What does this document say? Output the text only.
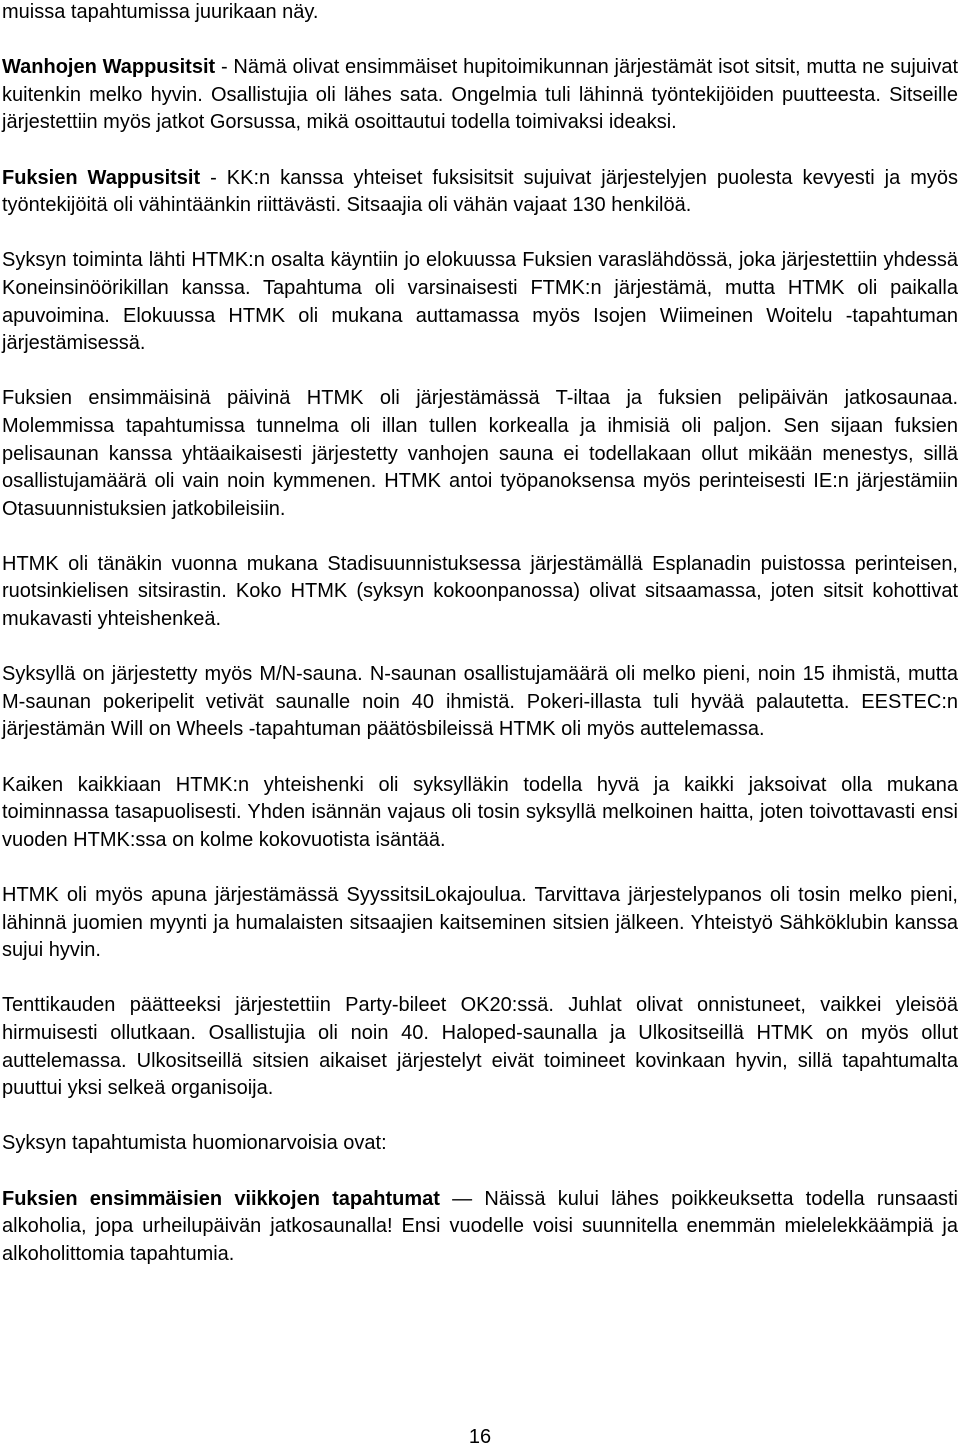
muissa tapahtumissa juurikaan näy.

Wanhojen Wappusitsit - Nämä olivat ensimmäiset hupitoimikunnan järjestämät isot sitsit, mutta ne sujuivat kuitenkin melko hyvin. Osallistujia oli lähes sata. Ongelmia tuli lähinnä työntekijöiden puutteesta. Sitseille järjestettiin myös jatkot Gorsussa, mikä osoittautui todella toimivaksi ideaksi.

Fuksien Wappusitsit - KK:n kanssa yhteiset fuksisitsit sujuivat järjestelyjen puolesta kevyesti ja myös työntekijöitä oli vähintäänkin riittävästi. Sitsaajia oli vähän vajaat 130 henkilöä.

Syksyn toiminta lähti HTMK:n osalta käyntiin jo elokuussa Fuksien varaslähdössä, joka järjestettiin yhdessä Koneinsinöörikillan kanssa. Tapahtuma oli varsinaisesti FTMK:n järjestämä, mutta HTMK oli paikalla apuvoimina. Elokuussa HTMK oli mukana auttamassa myös Isojen Wiimeinen Woitelu -tapahtuman järjestämisessä.

Fuksien ensimmäisinä päivinä HTMK oli järjestämässä T-iltaa ja fuksien pelipäivän jatkosaunaa. Molemmissa tapahtumissa tunnelma oli illan tullen korkealla ja ihmisiä oli paljon. Sen sijaan fuksien pelisaunan kanssa yhtäaikaisesti järjestetty vanhojen sauna ei todellakaan ollut mikään menestys, sillä osallistujamäärä oli vain noin kymmenen. HTMK antoi työpanoksensa myös perinteisesti IE:n järjestämiin Otasuunnistuksien jatkobileisiin.

HTMK oli tänäkin vuonna mukana Stadisuunnistuksessa järjestämällä Esplanadin puistossa perinteisen, ruotsinkielisen sitsirastin. Koko HTMK (syksyn kokoonpanossa) olivat sitsaamassa, joten sitsit kohottivat mukavasti yhteishenkeä.

Syksyllä on järjestetty myös M/N-sauna. N-saunan osallistujamäärä oli melko pieni, noin 15 ihmistä, mutta M-saunan pokeripelit vetivät saunalle noin 40 ihmistä. Pokeri-illasta tuli hyvää palautetta. EESTEC:n järjestämän Will on Wheels -tapahtuman päätösbileissä HTMK oli myös auttelemassa.

Kaiken kaikkiaan HTMK:n yhteishenki oli syksylläkin todella hyvä ja kaikki jaksoivat olla mukana toiminnassa tasapuolisesti. Yhden isännän vajaus oli tosin syksyllä melkoinen haitta, joten toivottavasti ensi vuoden HTMK:ssa on kolme kokovuotista isäntää.

HTMK oli myös apuna järjestämässä SyyssitsiLokajoulua. Tarvittava järjestelypanos oli tosin melko pieni, lähinnä juomien myynti ja humalaisten sitsaajien kaitseminen sitsien jälkeen. Yhteistyö Sähköklubin kanssa sujui hyvin.

Tenttikauden päätteeksi järjestettiin Party-bileet OK20:ssä. Juhlat olivat onnistuneet, vaikkei yleisöä hirmuisesti ollutkaan. Osallistujia oli noin 40. Haloped-saunalla ja Ulkositseillä HTMK on myös ollut auttelemassa. Ulkositseillä sitsien aikaiset järjestelyt eivät toimineet kovinkaan hyvin, sillä tapahtumalta puuttui yksi selkeä organisoija.

Syksyn tapahtumista huomionarvoisia ovat:

Fuksien ensimmäisien viikkojen tapahtumat — Näissä kului lähes poikkeuksetta todella runsaasti alkoholia, jopa urheilupäivän jatkosaunalla! Ensi vuodelle voisi suunnitella enemmän mielelekkäämpiä ja alkoholittomia tapahtumia.

16
